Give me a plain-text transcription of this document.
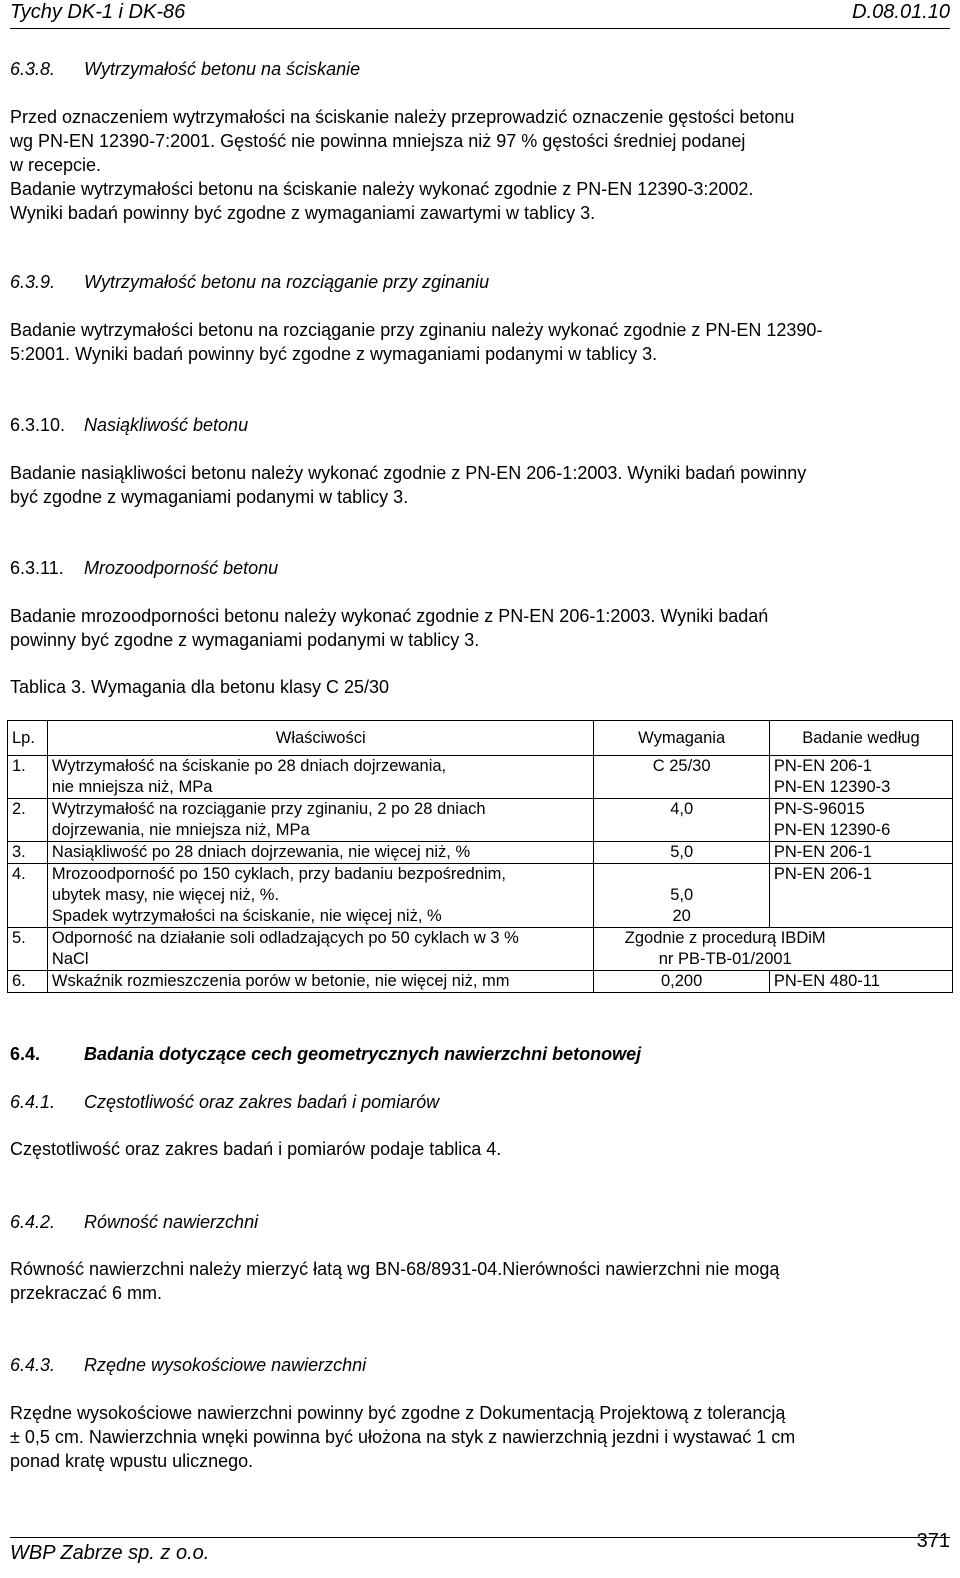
Tychy DK-1 i DK-86	D.08.01.10
6.3.8. Wytrzymałość betonu na ściskanie
Przed oznaczeniem wytrzymałości na ściskanie należy przeprowadzić oznaczenie gęstości betonu
wg PN-EN 12390-7:2001. Gęstość nie powinna mniejsza niż 97 % gęstości średniej podanej
w recepcie.
Badanie wytrzymałości betonu na ściskanie należy wykonać zgodnie z PN-EN 12390-3:2002.
Wyniki badań powinny być zgodne z wymaganiami zawartymi w tablicy 3.
6.3.9. Wytrzymałość betonu na rozciąganie przy zginaniu
Badanie wytrzymałości betonu na rozciąganie przy zginaniu należy wykonać zgodnie z PN-EN 12390-
5:2001. Wyniki badań powinny być zgodne z wymaganiami podanymi w tablicy 3.
6.3.10. Nasiąkliwość betonu
Badanie nasiąkliwości betonu należy wykonać zgodnie z PN-EN 206-1:2003. Wyniki badań powinny
być zgodne z wymaganiami podanymi w tablicy 3.
6.3.11. Mrozoodporność betonu
Badanie mrozoodporności betonu należy wykonać zgodnie z PN-EN 206-1:2003. Wyniki badań
powinny być zgodne z wymaganiami podanymi w tablicy 3.
Tablica 3. Wymagania dla betonu klasy C 25/30
Lp.	Właściwości	Wymagania	Badanie według
1.	Wytrzymałość na ściskanie po 28 dniach dojrzewania,
nie mniejsza niż, MPa	C 25/30	PN-EN 206-1
PN-EN 12390-3

2.	Wytrzymałość na rozciąganie przy zginaniu, 2 po 28 dniach
dojrzewania, nie mniejsza niż, MPa	4,0	PN-S-96015
PN-EN 12390-6

3.	Nasiąkliwość po 28 dniach dojrzewania, nie więcej niż, %	5,0	PN-EN 206-1

4.	Mrozoodporność po 150 cyklach, przy badaniu bezpośrednim,
ubytek masy, nie więcej niż, %.
Spadek wytrzymałości na ściskanie, nie więcej niż, %	5,0
20	PN-EN 206-1

5.	Odporność na działanie soli odladzających po 50 cyklach w 3 %
NaCl	Zgodnie z procedurą IBDiM
nr PB-TB-01/2001	

6.	Wskaźnik rozmieszczenia porów w betonie, nie więcej niż, mm	0,200	PN-EN 480-11
6.4. Badania dotyczące cech geometrycznych nawierzchni betonowej
6.4.1. Częstotliwość oraz zakres badań i pomiarów
Częstotliwość oraz zakres badań i pomiarów podaje tablica 4.
6.4.2. Równość nawierzchni
Równość nawierzchni należy mierzyć łatą wg BN-68/8931-04.Nierówności nawierzchni nie mogą
przekraczać 6 mm.
6.4.3. Rzędne wysokościowe nawierzchni
Rzędne wysokościowe nawierzchni powinny być zgodne z Dokumentacją Projektową z tolerancją
± 0,5 cm. Nawierzchnia wnęki powinna być ułożona na styk z nawierzchnią jezdni i wystawać 1 cm
ponad kratę wpustu ulicznego.
WBP Zabrze sp. z o.o.
371
